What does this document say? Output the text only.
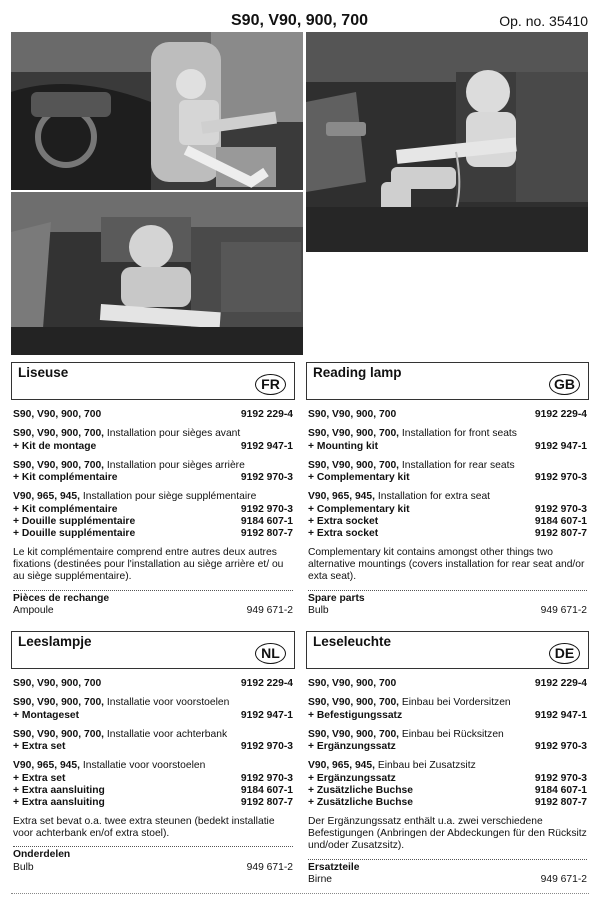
S90, V90, 900, 700	Op. no. 35410
Liseuse
FR
S90, V90, 900, 700	9192 229-4
S90, V90, 900, 700, Installation pour sièges avant
+ Kit de montage	9192 947-1
S90, V90, 900, 700, Installation pour sièges arrière
+ Kit complémentaire	9192 970-3
V90, 965, 945, Installation pour siège supplémentaire
+ Kit complémentaire	9192 970-3
+ Douille supplémentaire	9184 607-1
+ Douille supplémentaire	9192 807-7
Le kit complémentaire comprend entre autres deux autres fixations (destinées pour l'installation au siège arrière et/ ou au siège supplémentaire).
Pièces de rechange
Ampoule	949 671-2
Reading lamp
GB
S90, V90, 900, 700	9192 229-4
S90, V90, 900, 700, Installation for front seats
+ Mounting kit	9192 947-1
S90, V90, 900, 700, Installation for rear seats
+ Complementary kit	9192 970-3
V90, 965, 945, Installation for extra seat
+ Complementary kit	9192 970-3
+ Extra socket	9184 607-1
+ Extra socket	9192 807-7
Complementary kit contains amongst other things two alternative mountings (covers installation for rear seat and/or exta seat).
Spare parts
Bulb	949 671-2
Leeslampje
NL
S90, V90, 900, 700	9192 229-4
S90, V90, 900, 700, Installatie voor voorstoelen
+ Montageset	9192 947-1
S90, V90, 900, 700, Installatie voor achterbank
+ Extra set	9192 970-3
V90, 965, 945, Installatie voor voorstoelen
+ Extra set	9192 970-3
+ Extra aansluiting	9184 607-1
+ Extra aansluiting	9192 807-7
Extra set bevat o.a. twee extra steunen (bedekt installatie voor achterbank en/of extra stoel).
Onderdelen
Bulb	949 671-2
Leseleuchte
DE
S90, V90, 900, 700	9192 229-4
S90, V90, 900, 700, Einbau bei Vordersitzen
+ Befestigungssatz	9192 947-1
S90, V90, 900, 700, Einbau bei Rücksitzen
+ Ergänzungssatz	9192 970-3
V90, 965, 945, Einbau bei Zusatzsitz
+ Ergänzungssatz	9192 970-3
+ Zusätzliche Buchse	9184 607-1
+ Zusätzliche Buchse	9192 807-7
Der Ergänzungssatz enthält u.a. zwei verschiedene Befestigungen (Anbringen der Abdeckungen für den Rücksitz und/oder Zusatzsitz).
Ersatzteile
Birne	949 671-2
